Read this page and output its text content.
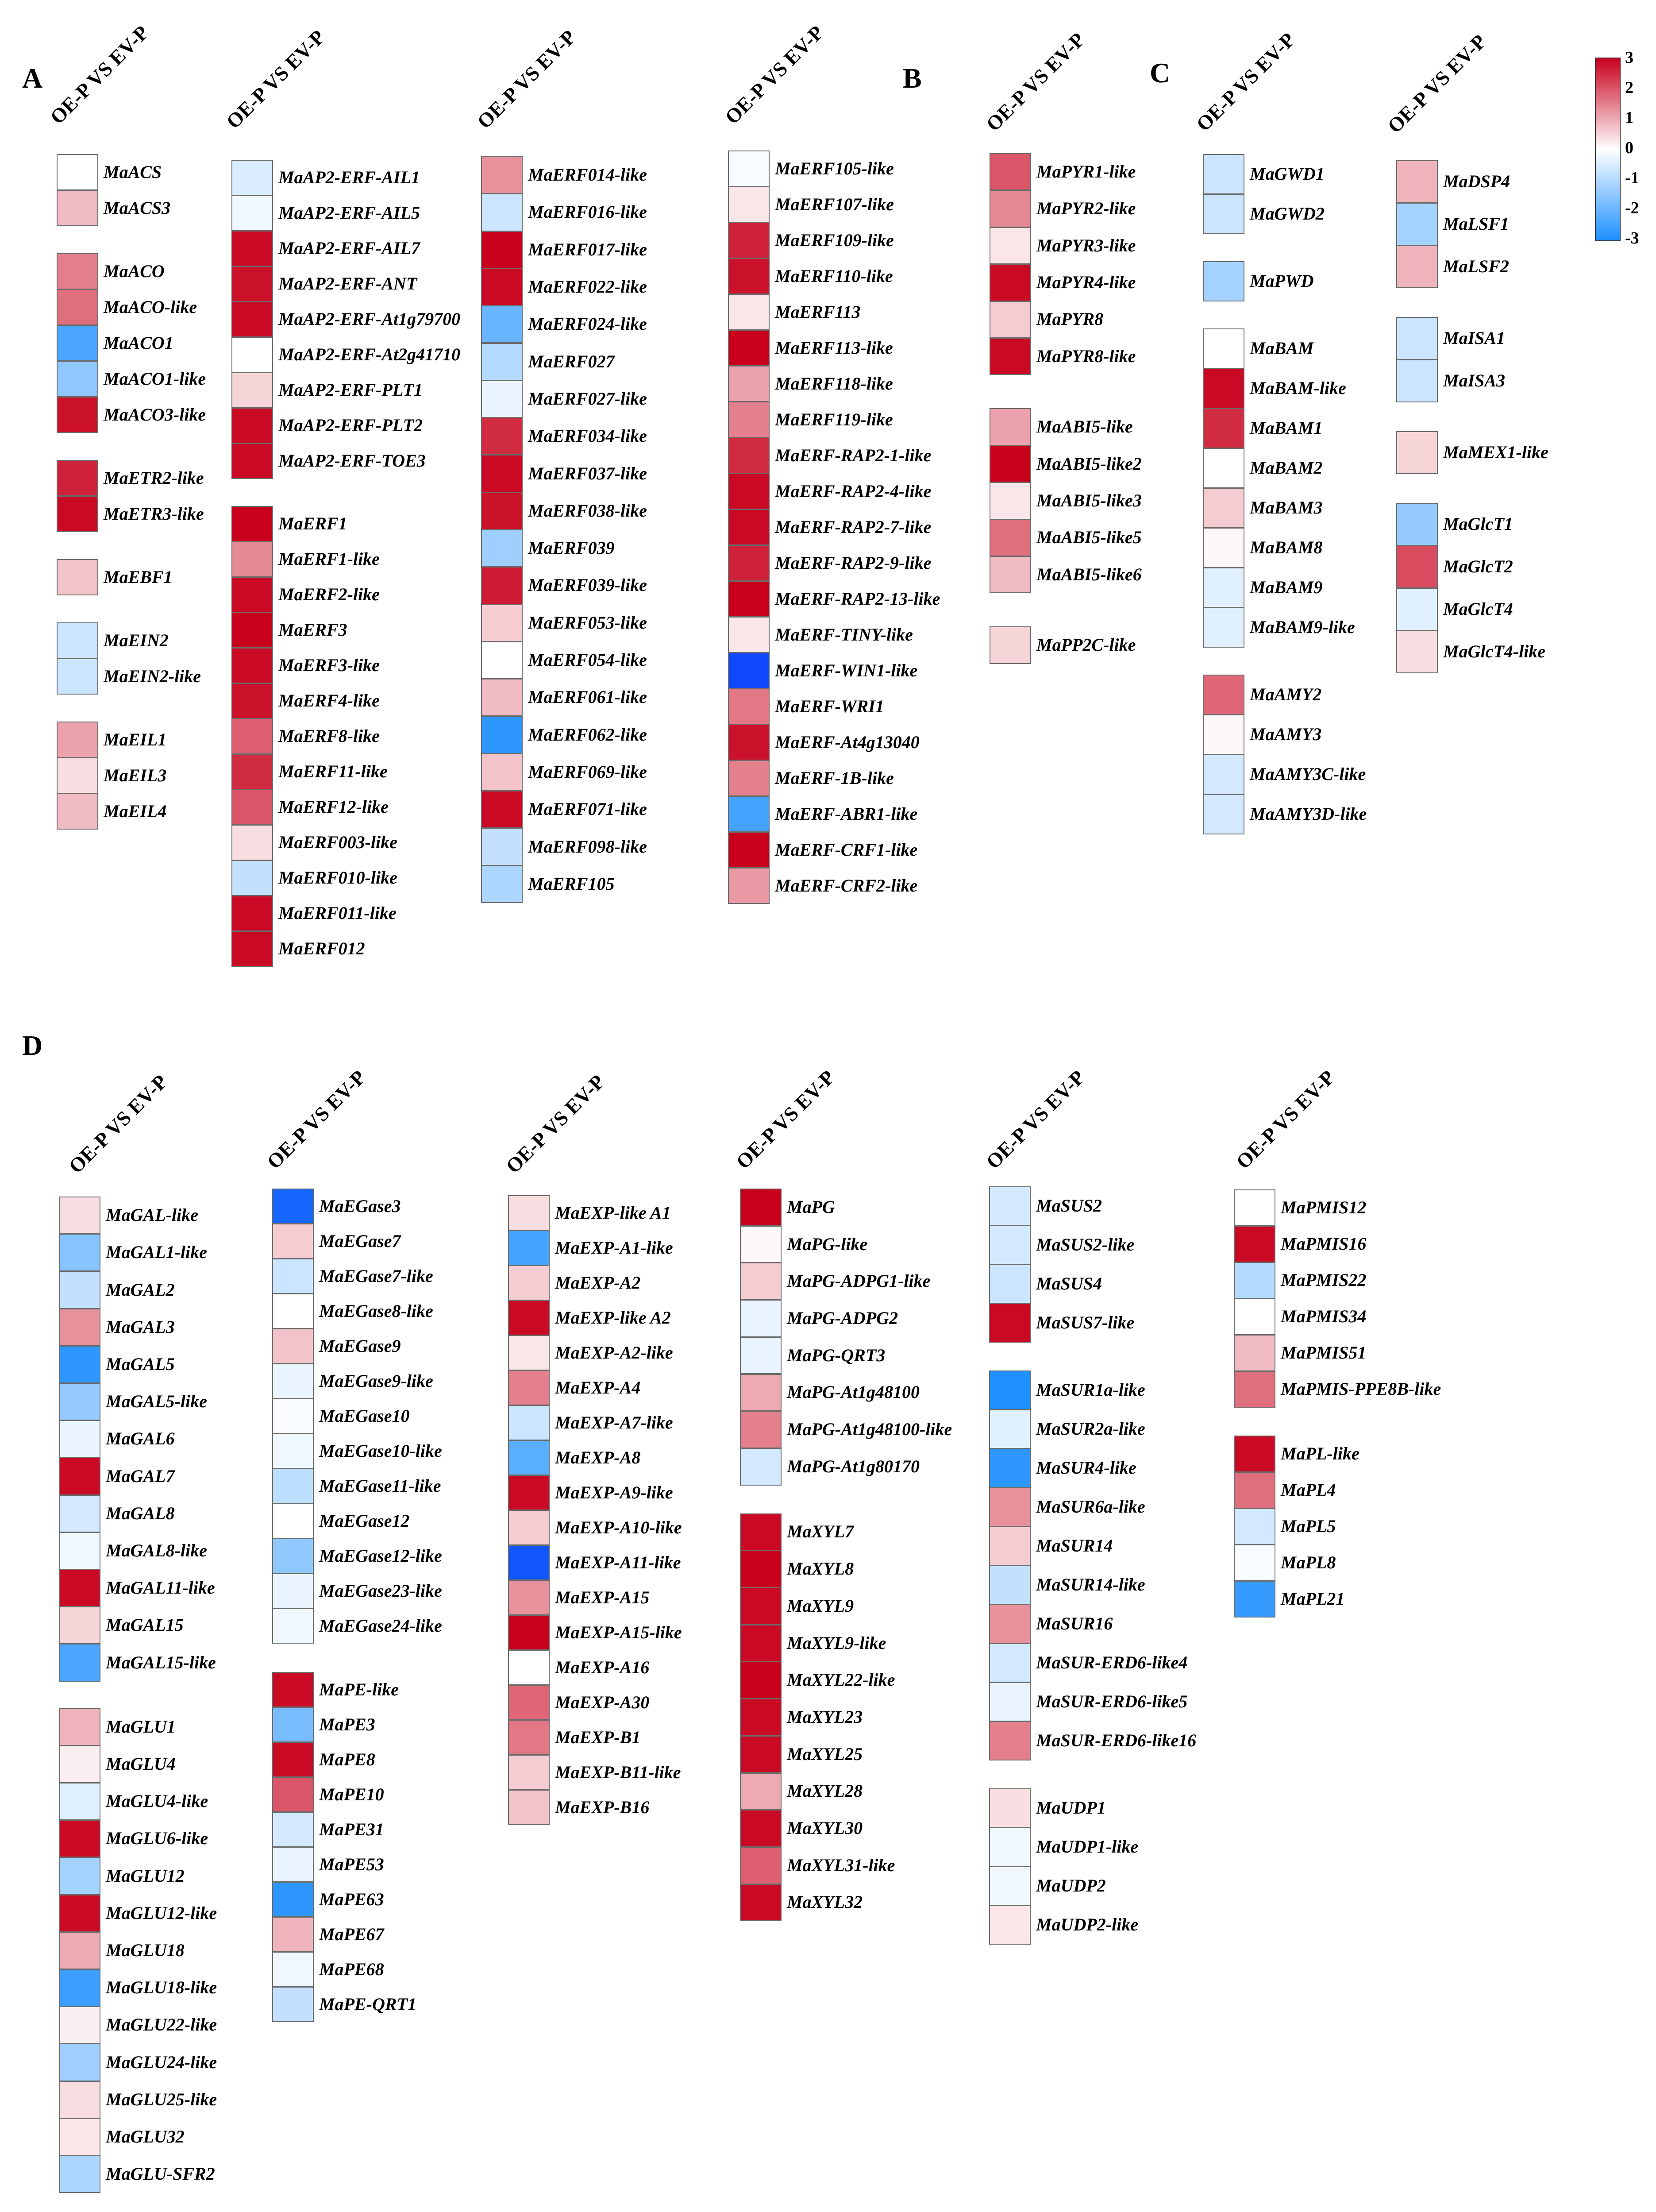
A	B	C
D
3
2
1
0
-1
-2
-3
OE-P VS EV-P
MaACS
MaACS3
MaACO
MaACO-like
MaACO1
MaACO1-like
MaACO3-like
MaETR2-like
MaETR3-like
MaEBF1
MaEIN2
MaEIN2-like
MaEIL1
MaEIL3
MaEIL4
OE-P VS EV-P
MaAP2-ERF-AIL1
MaAP2-ERF-AIL5
MaAP2-ERF-AIL7
MaAP2-ERF-ANT
MaAP2-ERF-At1g79700
MaAP2-ERF-At2g41710
MaAP2-ERF-PLT1
MaAP2-ERF-PLT2
MaAP2-ERF-TOE3
MaERF1
MaERF1-like
MaERF2-like
MaERF3
MaERF3-like
MaERF4-like
MaERF8-like
MaERF11-like
MaERF12-like
MaERF003-like
MaERF010-like
MaERF011-like
MaERF012
OE-P VS EV-P
MaERF014-like
MaERF016-like
MaERF017-like
MaERF022-like
MaERF024-like
MaERF027
MaERF027-like
MaERF034-like
MaERF037-like
MaERF038-like
MaERF039
MaERF039-like
MaERF053-like
MaERF054-like
MaERF061-like
MaERF062-like
MaERF069-like
MaERF071-like
MaERF098-like
MaERF105
OE-P VS EV-P
MaERF105-like
MaERF107-like
MaERF109-like
MaERF110-like
MaERF113
MaERF113-like
MaERF118-like
MaERF119-like
MaERF-RAP2-1-like
MaERF-RAP2-4-like
MaERF-RAP2-7-like
MaERF-RAP2-9-like
MaERF-RAP2-13-like
MaERF-TINY-like
MaERF-WIN1-like
MaERF-WRI1
MaERF-At4g13040
MaERF-1B-like
MaERF-ABR1-like
MaERF-CRF1-like
MaERF-CRF2-like
OE-P VS EV-P
MaPYR1-like
MaPYR2-like
MaPYR3-like
MaPYR4-like
MaPYR8
MaPYR8-like
MaABI5-like
MaABI5-like2
MaABI5-like3
MaABI5-like5
MaABI5-like6
MaPP2C-like
OE-P VS EV-P
MaGWD1
MaGWD2
MaPWD
MaBAM
MaBAM-like
MaBAM1
MaBAM2
MaBAM3
MaBAM8
MaBAM9
MaBAM9-like
MaAMY2
MaAMY3
MaAMY3C-like
MaAMY3D-like
OE-P VS EV-P
MaDSP4
MaLSF1
MaLSF2
MaISA1
MaISA3
MaMEX1-like
MaGlcT1
MaGlcT2
MaGlcT4
MaGlcT4-like
OE-P VS EV-P
MaGAL-like
MaGAL1-like
MaGAL2
MaGAL3
MaGAL5
MaGAL5-like
MaGAL6
MaGAL7
MaGAL8
MaGAL8-like
MaGAL11-like
MaGAL15
MaGAL15-like
MaGLU1
MaGLU4
MaGLU4-like
MaGLU6-like
MaGLU12
MaGLU12-like
MaGLU18
MaGLU18-like
MaGLU22-like
MaGLU24-like
MaGLU25-like
MaGLU32
MaGLU-SFR2
OE-P VS EV-P
MaEGase3
MaEGase7
MaEGase7-like
MaEGase8-like
MaEGase9
MaEGase9-like
MaEGase10
MaEGase10-like
MaEGase11-like
MaEGase12
MaEGase12-like
MaEGase23-like
MaEGase24-like
MaPE-like
MaPE3
MaPE8
MaPE10
MaPE31
MaPE53
MaPE63
MaPE67
MaPE68
MaPE-QRT1
OE-P VS EV-P
MaEXP-like A1
MaEXP-A1-like
MaEXP-A2
MaEXP-like A2
MaEXP-A2-like
MaEXP-A4
MaEXP-A7-like
MaEXP-A8
MaEXP-A9-like
MaEXP-A10-like
MaEXP-A11-like
MaEXP-A15
MaEXP-A15-like
MaEXP-A16
MaEXP-A30
MaEXP-B1
MaEXP-B11-like
MaEXP-B16
OE-P VS EV-P
MaPG
MaPG-like
MaPG-ADPG1-like
MaPG-ADPG2
MaPG-QRT3
MaPG-At1g48100
MaPG-At1g48100-like
MaPG-At1g80170
MaXYL7
MaXYL8
MaXYL9
MaXYL9-like
MaXYL22-like
MaXYL23
MaXYL25
MaXYL28
MaXYL30
MaXYL31-like
MaXYL32
OE-P VS EV-P
MaSUS2
MaSUS2-like
MaSUS4
MaSUS7-like
MaSUR1a-like
MaSUR2a-like
MaSUR4-like
MaSUR6a-like
MaSUR14
MaSUR14-like
MaSUR16
MaSUR-ERD6-like4
MaSUR-ERD6-like5
MaSUR-ERD6-like16
MaUDP1
MaUDP1-like
MaUDP2
MaUDP2-like
OE-P VS EV-P
MaPMIS12
MaPMIS16
MaPMIS22
MaPMIS34
MaPMIS51
MaPMIS-PPE8B-like
MaPL-like
MaPL4
MaPL5
MaPL8
MaPL21
